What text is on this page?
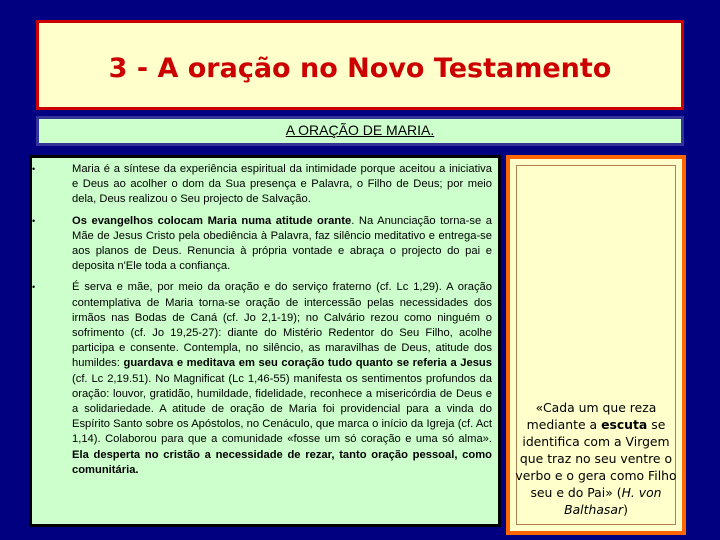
3 - A oração no Novo Testamento
A ORAÇÃO DE MARIA.
•	Maria é a síntese da experiência espiritual da intimidade porque aceitou a iniciativa e Deus ao acolher o dom da Sua presença e Palavra, o Filho de Deus; por meio dela, Deus realizou o Seu projecto de Salvação.
•	Os evangelhos colocam Maria numa atitude orante. Na Anunciação torna-se a Mãe de Jesus Cristo pela obediência à Palavra, faz silêncio meditativo e entrega-se aos planos de Deus. Renuncia à própria vontade e abraça o projecto do pai e deposita n'Ele toda a confiança.
•	É serva e mãe, por meio da oração e do serviço fraterno (cf. Lc 1,29). A oração contemplativa de Maria torna-se oração de intercessão pelas necessidades dos irmãos nas Bodas de Caná (cf. Jo 2,1-19); no Calvário rezou como ninguém o sofrimento (cf. Jo 19,25-27): diante do Mistério Redentor do Seu Filho, acolhe participa e consente. Contempla, no silêncio, as maravilhas de Deus, atitude dos humildes: guardava e meditava em seu coração tudo quanto se referia a Jesus (cf. Lc 2,19.51). No Magnificat (Lc 1,46-55) manifesta os sentimentos profundos da oração: louvor, gratidão, humildade, fidelidade, reconhece a misericórdia de Deus e a solidariedade. A atitude de oração de Maria foi providencial para a vinda do Espírito Santo sobre os Apóstolos, no Cenáculo, que marca o início da Igreja (cf. Act 1,14). Colaborou para que a comunidade «fosse um só coração e uma só alma». Ela desperta no cristão a necessidade de rezar, tanto oração pessoal, como comunitária.
«Cada um que reza mediante a escuta se identifica com a Virgem que traz no seu ventre o verbo e o gera como Filho seu e do Pai» (H. von Balthasar)
